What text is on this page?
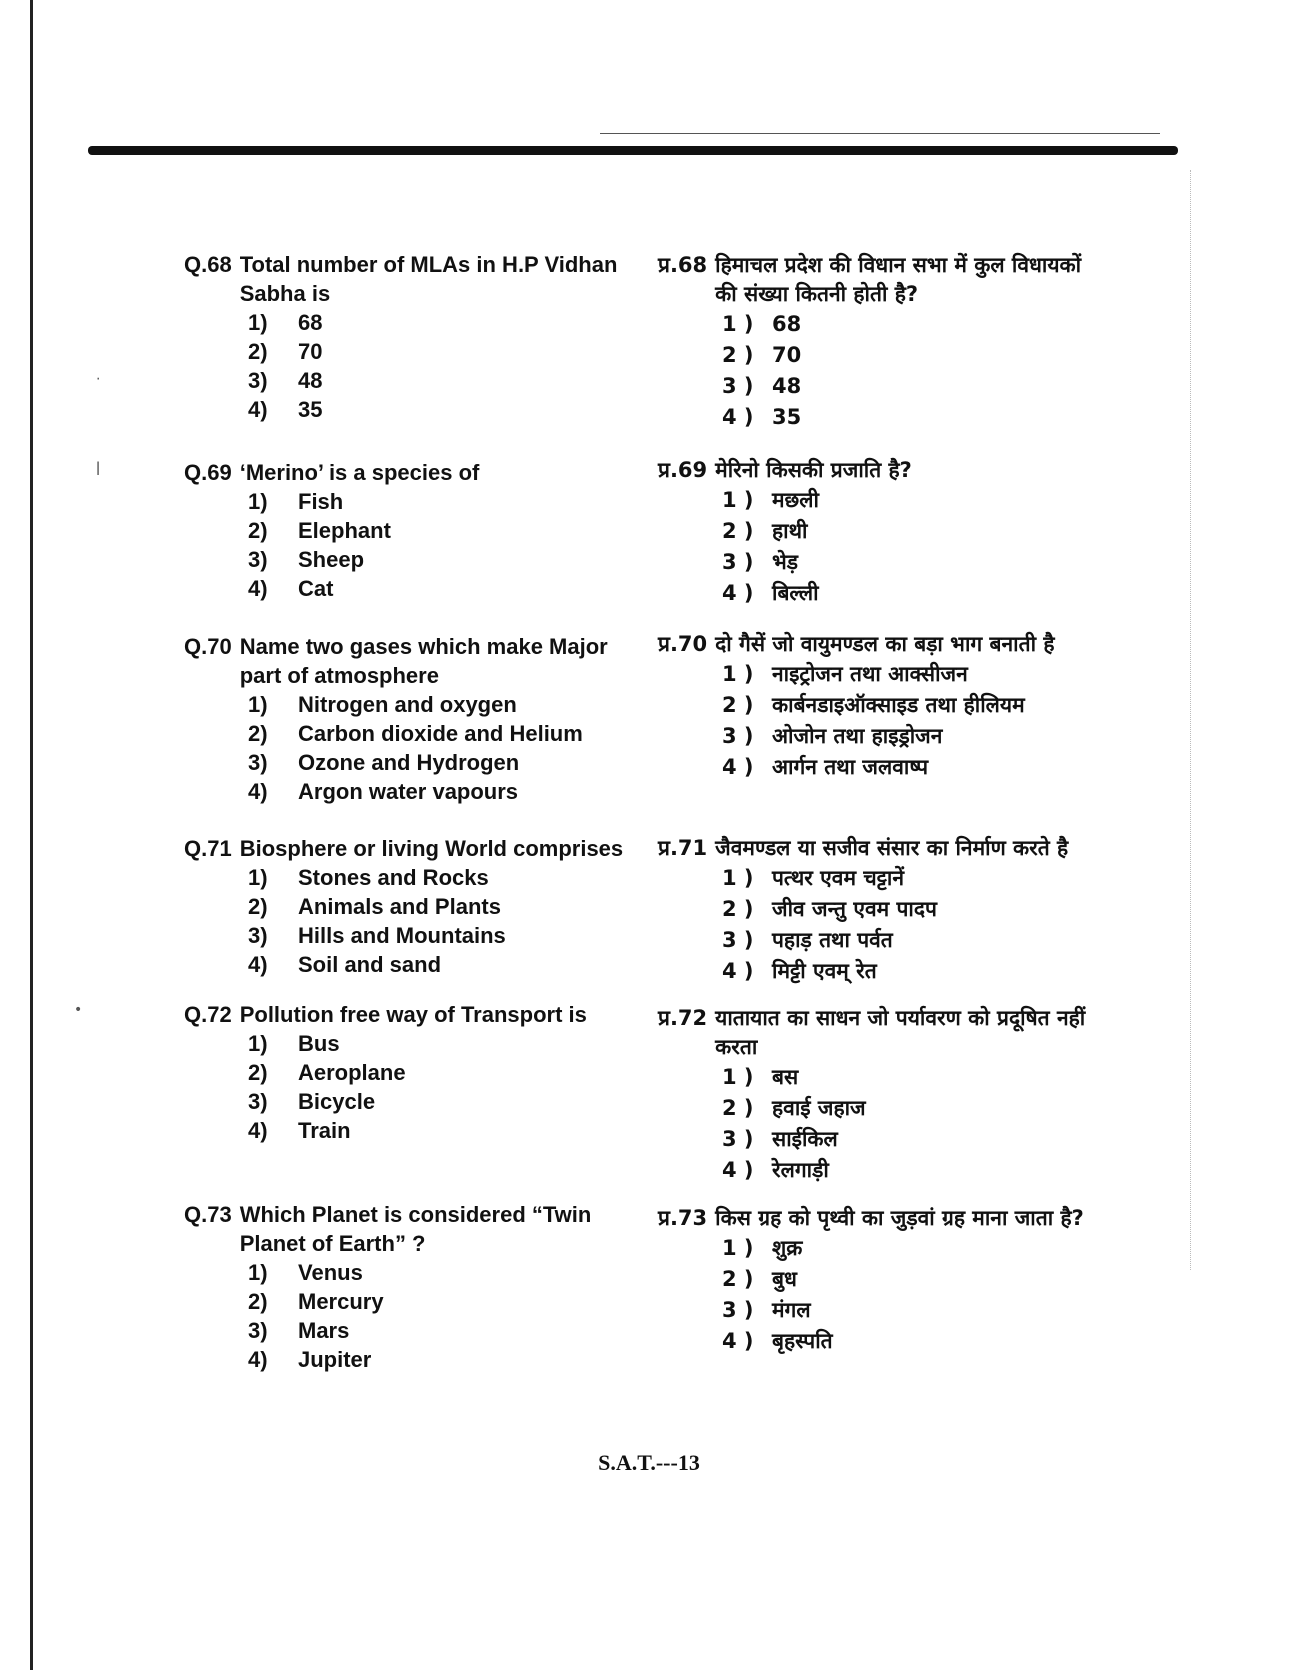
‧
ǀ
•
Q.68 Total number of MLAs in H.P Vidhan Sabha is
1)	68
2)	70
3)	48
4)	35
Q.69 ‘Merino’ is a species of
1)	Fish
2)	Elephant
3)	Sheep
4)	Cat
Q.70 Name two gases which make Major part of atmosphere
1)	Nitrogen and oxygen
2)	Carbon dioxide and Helium
3)	Ozone and Hydrogen
4)	Argon water vapours
Q.71 Biosphere or living World comprises
1)	Stones and Rocks
2)	Animals and Plants
3)	Hills and Mountains
4)	Soil and sand
Q.72 Pollution free way of Transport is
1)	Bus
2)	Aeroplane
3)	Bicycle
4)	Train
Q.73 Which Planet is considered “Twin Planet of Earth” ?
1)	Venus
2)	Mercury
3)	Mars
4)	Jupiter
प्र.68 हिमाचल प्रदेश की विधान सभा में कुल विधायकों की संख्या कितनी होती है?
1 ) 68
2 ) 70
3 ) 48
4 ) 35
प्र.69 मेरिनो किसकी प्रजाति है?
1 ) मछली
2 ) हाथी
3 ) भेड़
4 ) बिल्ली
प्र.70 दो गैसें जो वायुमण्डल का बड़ा भाग बनाती है
1 ) नाइट्रोजन तथा आक्सीजन
2 ) कार्बनडाइऑक्साइड तथा हीलियम
3 ) ओजोन तथा हाइड्रोजन
4 ) आर्गन तथा जलवाष्प
प्र.71 जैवमण्डल या सजीव संसार का निर्माण करते है
1 ) पत्थर एवम चट्टानें
2 ) जीव जन्तु एवम पादप
3 ) पहाड़ तथा पर्वत
4 ) मिट्टी एवम् रेत
प्र.72 यातायात का साधन जो पर्यावरण को प्रदूषित नहीं करता
1 ) बस
2 ) हवाई जहाज
3 ) साईकिल
4 ) रेलगाड़ी
प्र.73 किस ग्रह को पृथ्वी का जुड़वां ग्रह माना जाता है?
1 ) शुक्र
2 ) बुध
3 ) मंगल
4 ) बृहस्पति
S.A.T.---13
